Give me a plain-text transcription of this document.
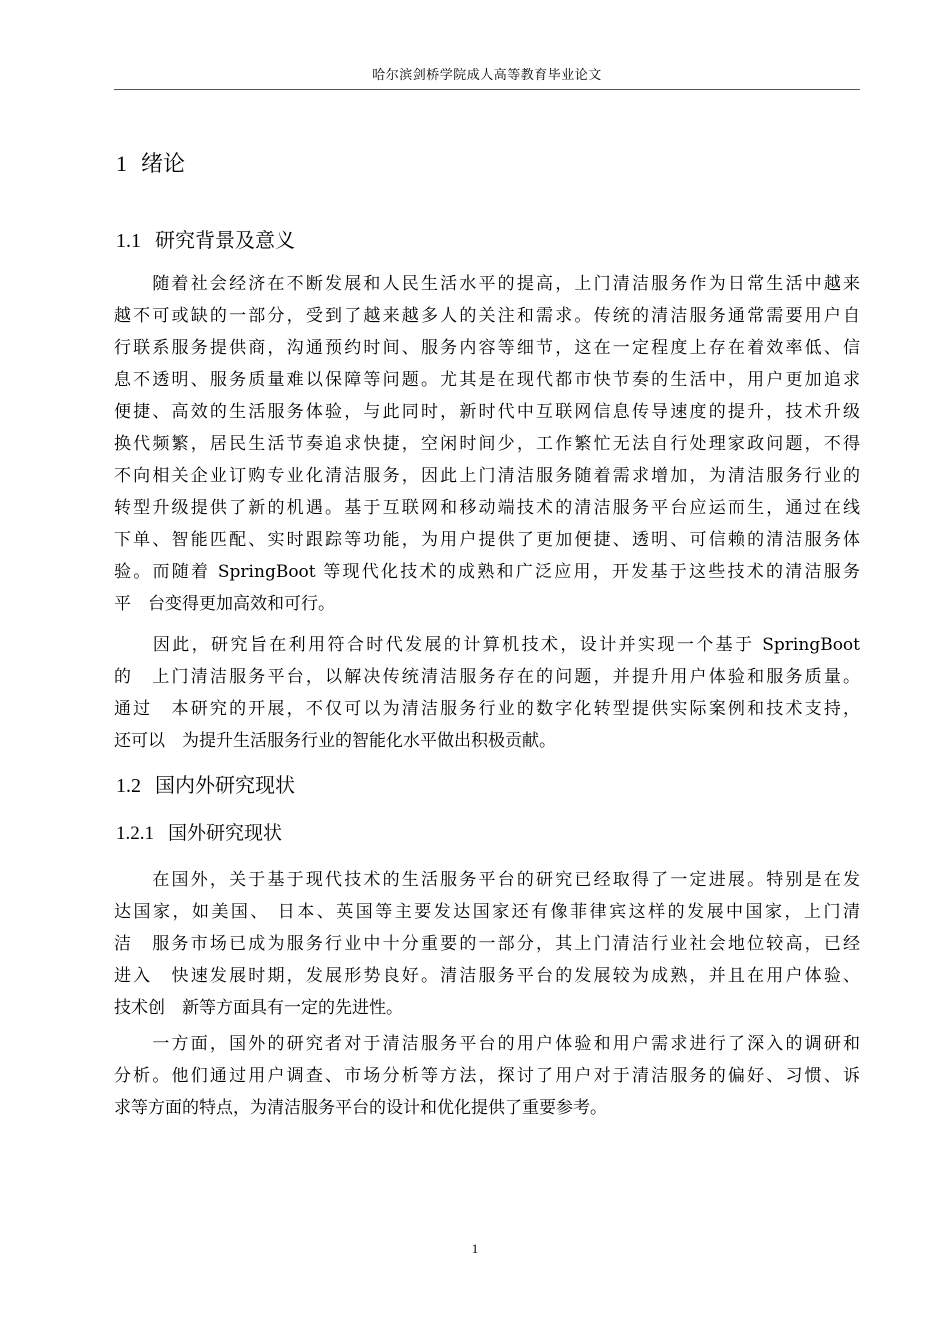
哈尔滨剑桥学院成人高等教育毕业论文
1 绪论
1.1 研究背景及意义
　　随着社会经济在不断发展和人民生活水平的提高，上门清洁服务作为日常生活中越来
越不可或缺的一部分，受到了越来越多人的关注和需求。传统的清洁服务通常需要用户自
行联系服务提供商，沟通预约时间、服务内容等细节，这在一定程度上存在着效率低、信
息不透明、服务质量难以保障等问题。尤其是在现代都市快节奏的生活中，用户更加追求
便捷、高效的生活服务体验，与此同时，新时代中互联网信息传导速度的提升，技术升级
换代频繁，居民生活节奏追求快捷，空闲时间少，工作繁忙无法自行处理家政问题，不得
不向相关企业订购专业化清洁服务，因此上门清洁服务随着需求增加，为清洁服务行业的
转型升级提供了新的机遇。基于互联网和移动端技术的清洁服务平台应运而生，通过在线
下单、智能匹配、实时跟踪等功能，为用户提供了更加便捷、透明、可信赖的清洁服务体
验。而随着 SpringBoot 等现代化技术的成熟和广泛应用，开发基于这些技术的清洁服务
平　台变得更加高效和可行。
　　因此，研究旨在利用符合时代发展的计算机技术，设计并实现一个基于 SpringBoot
的　上门清洁服务平台，以解决传统清洁服务存在的问题，并提升用户体验和服务质量。
通过　本研究的开展，不仅可以为清洁服务行业的数字化转型提供实际案例和技术支持，
还可以　为提升生活服务行业的智能化水平做出积极贡献。
1.2 国内外研究现状
1.2.1 国外研究现状
　　在国外，关于基于现代技术的生活服务平台的研究已经取得了一定进展。特别是在发
达国家，如美国、 日本、英国等主要发达国家还有像菲律宾这样的发展中国家，上门清
洁　服务市场已成为服务行业中十分重要的一部分，其上门清洁行业社会地位较高，已经
进入　快速发展时期，发展形势良好。清洁服务平台的发展较为成熟，并且在用户体验、
技术创　新等方面具有一定的先进性。
　　一方面，国外的研究者对于清洁服务平台的用户体验和用户需求进行了深入的调研和
分析。他们通过用户调查、市场分析等方法，探讨了用户对于清洁服务的偏好、习惯、诉
求等方面的特点，为清洁服务平台的设计和优化提供了重要参考。
1
